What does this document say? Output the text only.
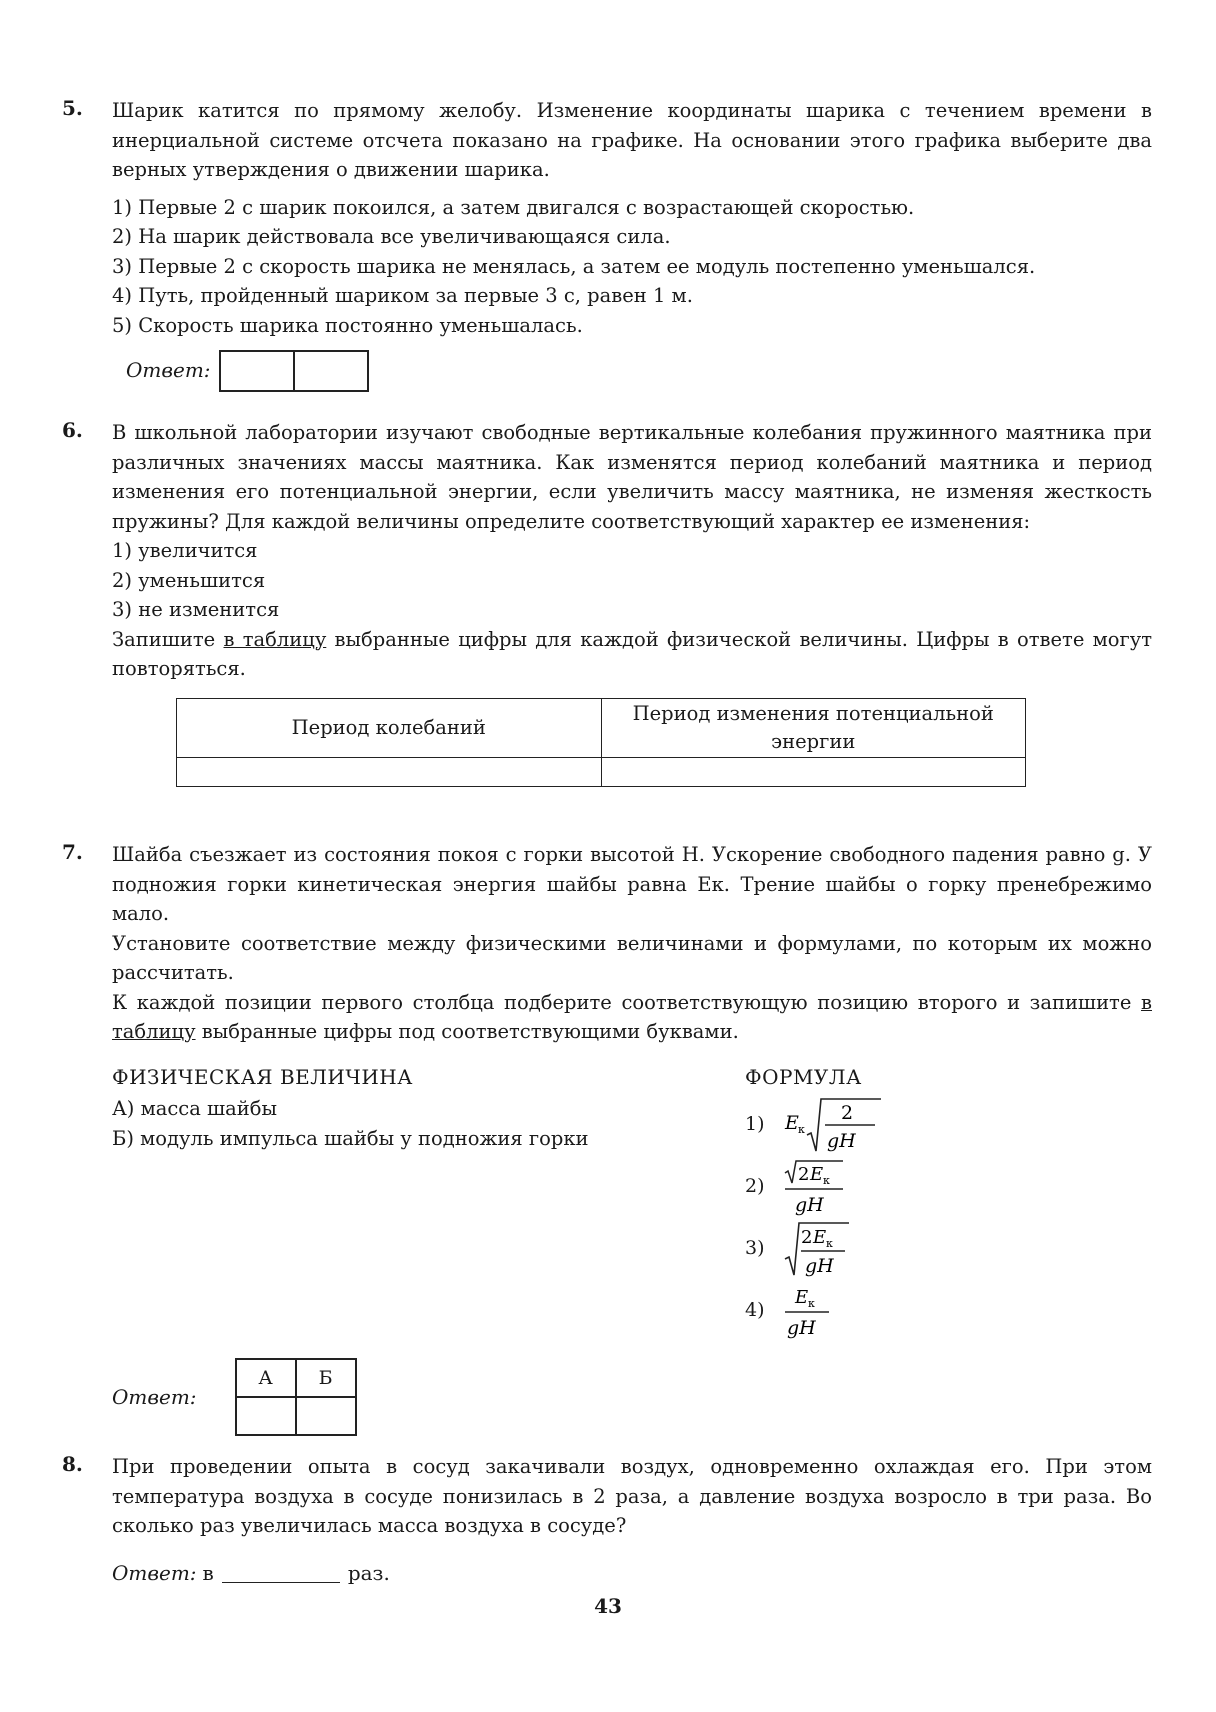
5. Шарик катится по прямому желобу. Изменение координаты шарика с течением времени в инерциальной системе отсчета показано на графике. На основании этого графика выберите два верных утверждения о движении шарика.

1) Первые 2 с шарик покоился, а затем двигался с возрастающей скоростью.
2) На шарик действовала все увеличивающаяся сила.
3) Первые 2 с скорость шарика не менялась, а затем ее модуль постепенно уменьшался.
4) Путь, пройденный шариком за первые 3 с, равен 1 м.
5) Скорость шарика постоянно уменьшалась.
Ответ:
6. В школьной лаборатории изучают свободные вертикальные колебания пружинного маятника при различных значениях массы маятника. Как изменятся период колебаний маятника и период изменения его потенциальной энергии, если увеличить массу маятника, не изменяя жесткость пружины? Для каждой величины определите соответствующий характер ее изменения:

1) увеличится
2) уменьшится
3) не изменится

Запишите в таблицу выбранные цифры для каждой физической величины. Цифры в ответе могут повторяться.

Период колебаний	Период изменения потенциальной энергии

7. Шайба съезжает из состояния покоя с горки высотой H. Ускорение свободного падения равно g. У подножия горки кинетическая энергия шайбы равна Eк. Трение шайбы о горку пренебрежимо мало.

Установите соответствие между физическими величинами и формулами, по которым их можно рассчитать.

К каждой позиции первого столбца подберите соответствующую позицию второго и запишите в таблицу выбранные цифры под соответствующими буквами.

ФИЗИЧЕСКАЯ ВЕЛИЧИНА
А) масса шайбы
Б) модуль импульса шайбы у подножия горки
ФОРМУЛА
1)	E к
2
gH
2)
2 E к
gH
3)	2 E к
gH
4)
E к
gH
Ответ:
А	Б

8. При проведении опыта в сосуд закачивали воздух, одновременно охлаждая его. При этом температура воздуха в сосуде понизилась в 2 раза, а давление воздуха возросло в три раза. Во сколько раз увеличилась масса воздуха в сосуде?

Ответ: в	раз.
43
